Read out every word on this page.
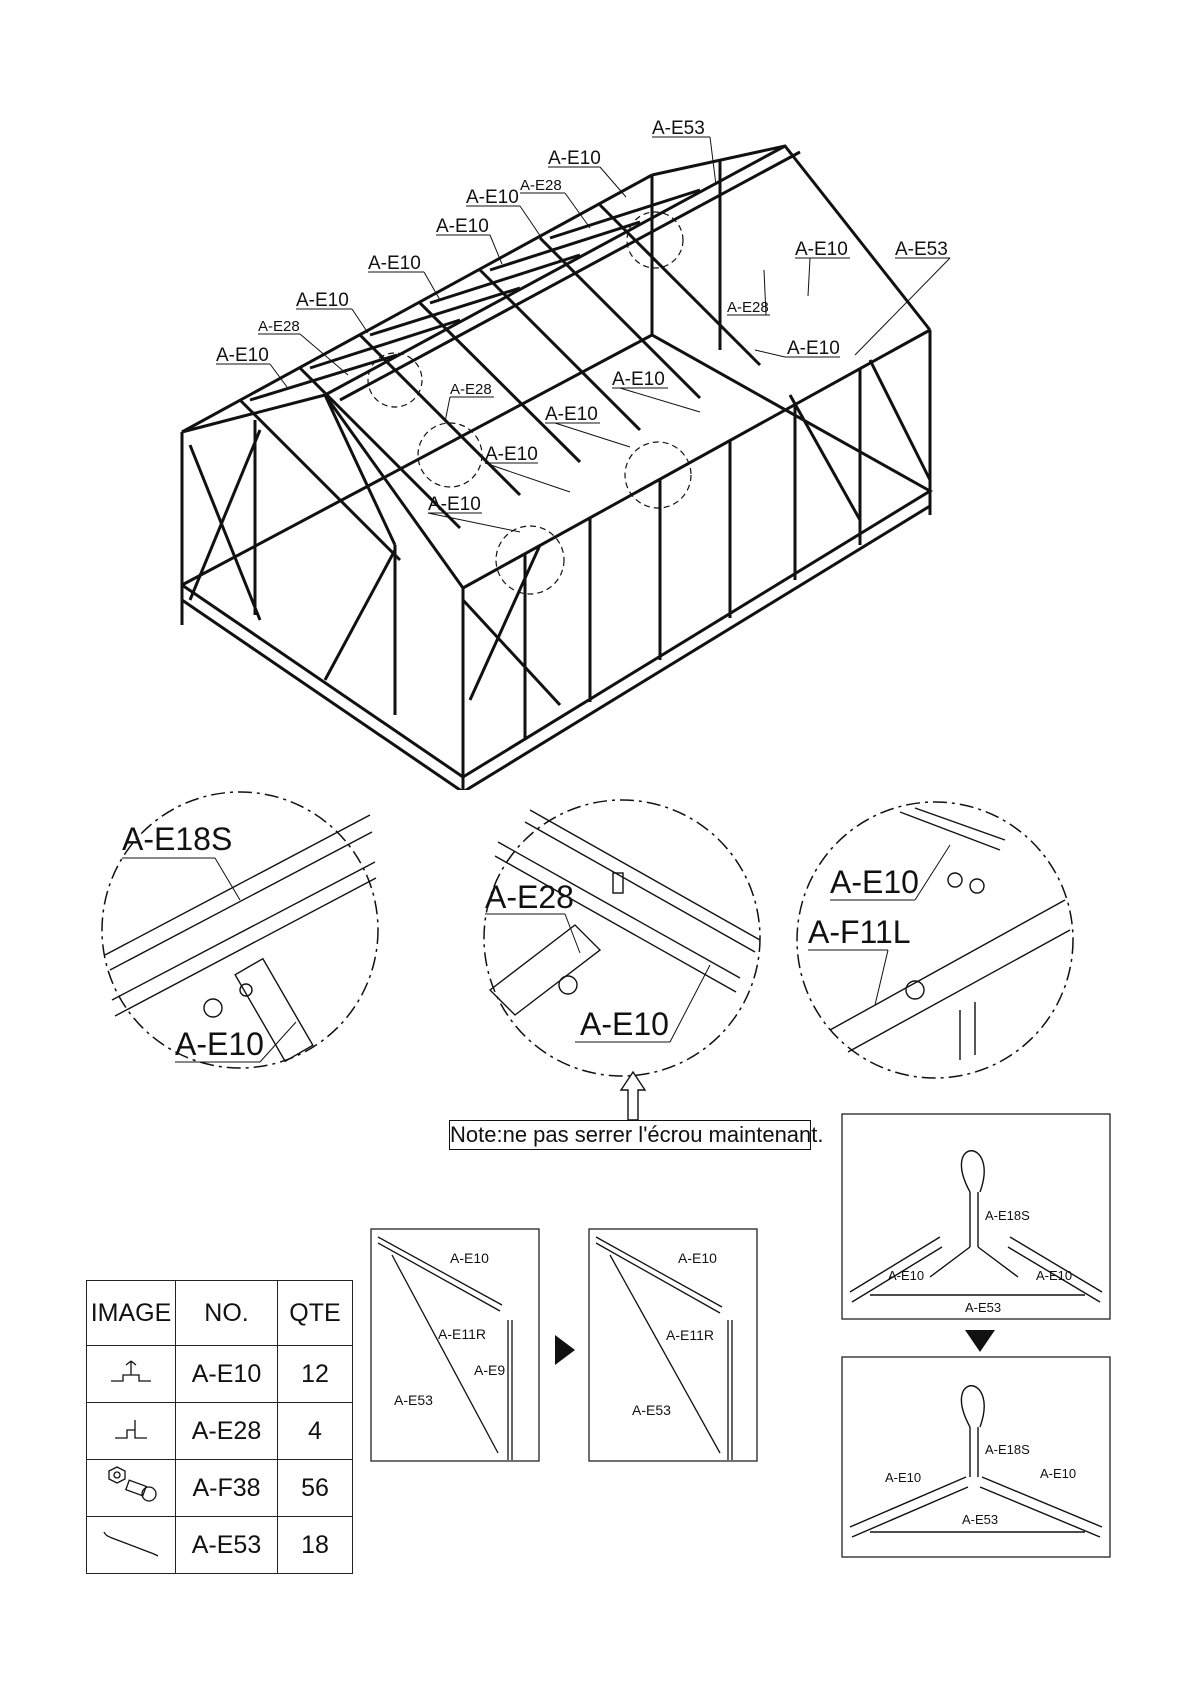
A-E53
A-E10
A-E28
A-E10
A-E10
A-E10
A-E10
A-E28
A-E10
A-E10 A-E53
A-E28
A-E10
A-E28	A-E10
A-E10
A-E10
A-E10
A-E18S
A-E10
A-E28
A-E10
A-E10
A-F11L
Note:ne pas serrer l'écrou maintenant.
A-E10
A-E11R
A-E9
A-E53
A-E10
A-E11R
A-E53
A-E18S
A-E10	A-E10
A-E53
A-E18S
A-E10	A-E10
A-E53
IMAGE	NO.	QTE
	A-E10	12
	A-E28	4
	A-F38	56
	A-E53	18
